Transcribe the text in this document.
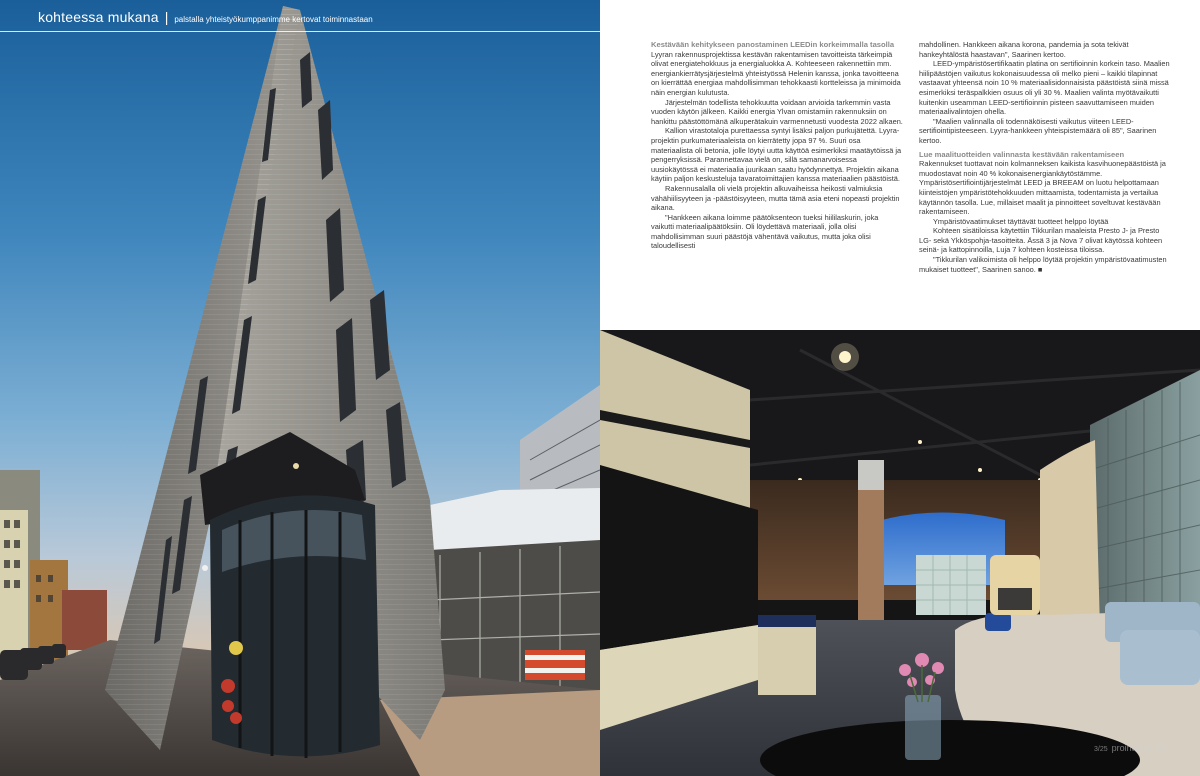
kohteessa mukana | palstalla yhteistyökumppanimme kertovat toiminnastaan

Kestävään kehitykseen panostaminen LEEDin korkeimmalla tasolla

Lyyran rakennusprojektissa kestävän rakentamisen tavoitteista tärkeimpiä olivat energiatehokkuus ja energialuokka A. Kohteeseen rakennettiin mm. energiankierrätysjärjestelmä yhteistyössä Helenin kanssa, jonka tavoitteena on kierrättää energiaa mahdollisimman tehokkaasti kortteleissa ja minimoida näin energian kulutusta.

Järjestelmän todellista tehokkuutta voidaan arvioida tarkemmin vasta vuoden käytön jälkeen. Kaikki energia Ylvan omistamiin rakennuksiin on hankittu päästöttömänä alkuperätakuin varmennetusti vuodesta 2022 alkaen.

Kallion virastotaloja purettaessa syntyi lisäksi paljon purkujätettä. Lyyra-projektin purkumateriaaleista on kierrätetty jopa 97 %. Suuri osa materiaalista oli betonia, jolle löytyi uutta käyttöä esimerkiksi maatäytöissä ja pengerryksissä. Parannettavaa vielä on, sillä samanarvoisessa uusiokäytössä ei materiaalia juurikaan saatu hyödynnettyä. Projektin aikana käytiin paljon keskusteluja tavaratoimittajien kanssa materiaalien päästöistä.

Rakennusalalla oli vielä projektin alkuvaiheissa heikosti valmiuksia vähähiilisyyteen ja -päästöisyyteen, mutta tämä asia eteni nopeasti projektin aikana.

"Hankkeen aikana loimme päätöksenteon tueksi hiililaskurin, joka vaikutti materiaalipäätöksiin. Oli löydettävä materiaali, jolla olisi mahdollisimman suuri päästöjä vähentävä vaikutus, mutta joka olisi taloudellisesti

mahdollinen. Hankkeen aikana korona, pandemia ja sota tekivät hankeyhtälöstä haastavan", Saarinen kertoo.

LEED-ympäristösertifikaatin platina on sertifioinnin korkein taso. Maalien hiilipäästöjen vaikutus kokonaisuudessa oli melko pieni – kaikki tilapinnat vastaavat yhteensä noin 10 % materiaalisidonnaisista päästöistä siinä missä esimerkiksi teräspalkkien osuus oli yli 30 %. Maalien valinta myötävaikutti kuitenkin useamman LEED-sertifioinnin pisteen saavuttamiseen muiden materiaalivalintojen ohella.

"Maalien valinnalla oli todennäköisesti vaikutus viiteen LEED-sertifiointipisteeseen. Lyyra-hankkeen yhteispistemäärä oli 85", Saarinen kertoo.

Lue maalituotteiden valinnasta kestävään rakentamiseen

Rakennukset tuottavat noin kolmanneksen kaikista kasvihuonepäästöistä ja muodostavat noin 40 % kokonaisenergiankäytöstämme. Ympäristösertifiointijärjestelmät LEED ja BREEAM on luotu helpottamaan kiinteistöjen ympäristötehokkuuden mittaamista, todentamista ja vertailua käytännön tasolla. Lue, millaiset maalit ja pinnoitteet soveltuvat kestävään rakentamiseen.

Ympäristövaatimukset täyttävät tuotteet helppo löytää

Kohteen sisätiloissa käytettiin Tikkurilan maaleista Presto J- ja Presto LG- sekä Ykköspohja-tasoitteita. Ässä 3 ja Nova 7 olivat käytössä kohteen seinä- ja kattopinnoilla, Luja 7 kohteen kosteissa tiloissa.

"Tikkurilan valikoimista oli helppo löytää projektin ympäristövaatimusten mukaiset tuotteet", Saarinen sanoo. ■

3/25 prointerior 35
